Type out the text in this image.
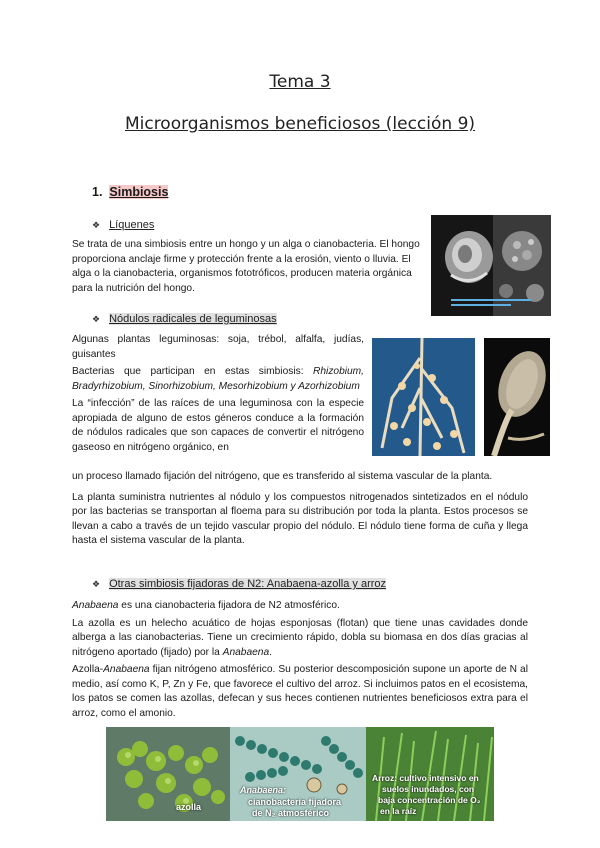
Tema 3
Microorganismos beneficiosos (lección 9)
1. Simbiosis
❖ Líquenes

Se trata de una simbiosis entre un hongo y un alga o cianobacteria. El hongo proporciona anclaje firme y protección frente a la erosión, viento o lluvia. El alga o la cianobacteria, organismos fototróficos, producen materia orgánica para la nutrición del hongo.

❖ Nódulos radicales de leguminosas

Algunas plantas leguminosas: soja, trébol, alfalfa, judías, guisantes

Bacterias que participan en estas simbiosis: Rhizobium, Bradyrhizobium, Sinorhizobium, Mesorhizobium y Azorhizobium

La “infección” de las raíces de una leguminosa con la especie apropiada de alguno de estos géneros conduce a la formación de nódulos radicales que son capaces de convertir el nitrógeno gaseoso en nitrógeno orgánico, en

un proceso llamado fijación del nitrógeno, que es transferido al sistema vascular de la planta.

La planta suministra nutrientes al nódulo y los compuestos nitrogenados sintetizados en el nódulo por las bacterias se transportan al floema para su distribución por toda la planta. Estos procesos se llevan a cabo a través de un tejido vascular propio del nódulo. El nódulo tiene forma de cuña y llega hasta el sistema vascular de la planta.

❖ Otras simbiosis fijadoras de N2: Anabaena-azolla y arroz

Anabaena es una cianobacteria fijadora de N2 atmosférico.

La azolla es un helecho acuático de hojas esponjosas (flotan) que tiene unas cavidades donde alberga a las cianobacterias. Tiene un crecimiento rápido, dobla su biomasa en dos días gracias al nitrógeno aportado (fijado) por la Anabaena.

Azolla-Anabaena fijan nitrógeno atmosférico. Su posterior descomposición supone un aporte de N al medio, así como K, P, Zn y Fe, que favorece el cultivo del arroz. Si incluimos patos en el ecosistema, los patos se comen las azollas, defecan y sus heces contienen nutrientes beneficiosos extra para el arroz, como el amonio.

azolla
Anabaena:
cianobacteria fijadora
de N₂ atmosférico
Arroz: cultivo intensivo en
suelos inundados, con
baja concentración de O₂
en la raíz
